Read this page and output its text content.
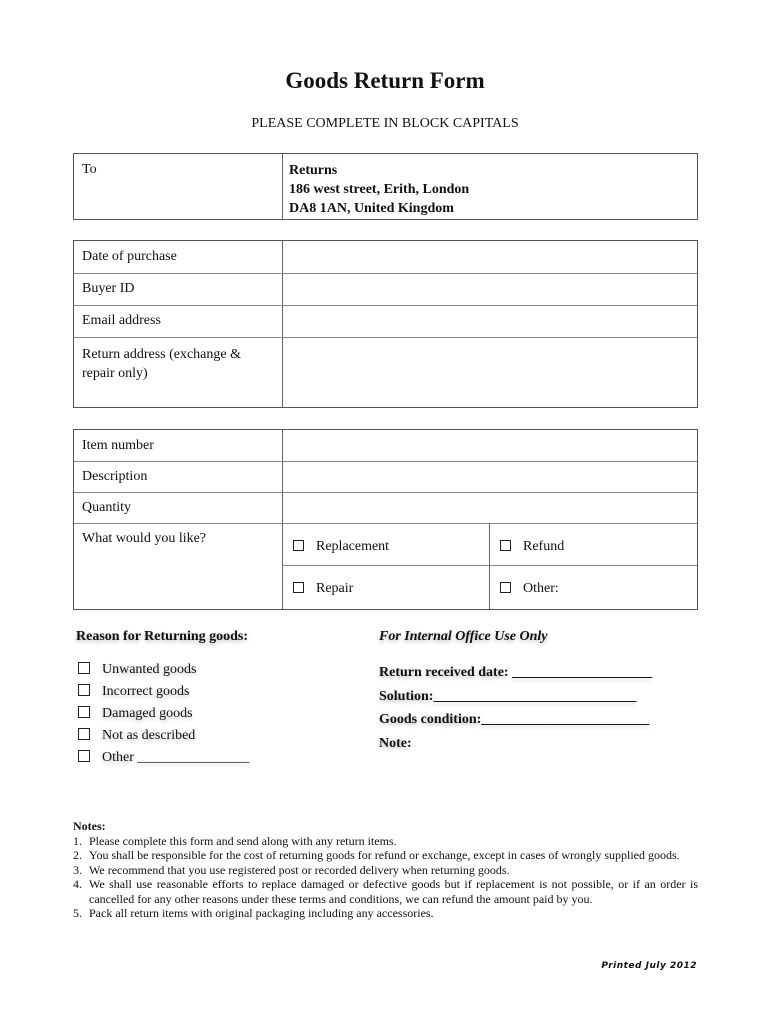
Goods Return Form
PLEASE COMPLETE IN BLOCK CAPITALS
To	Returns
186 west street, Erith, London
DA8 1AN, United Kingdom
Date of purchase
Buyer ID
Email address
Return address (exchange & repair only)
Item number
Description
Quantity
What would you like?
Replacement	Refund
Repair	Other:
Reason for Returning goods:
Unwanted goods
Incorrect goods
Damaged goods
Not as described
Other ________________
For Internal Office Use Only
Return received date: ____________________
Solution:_____________________________
Goods condition:________________________
Note:
Notes:
1. Please complete this form and send along with any return items.
2. You shall be responsible for the cost of returning goods for refund or exchange, except in cases of wrongly supplied goods.
3. We recommend that you use registered post or recorded delivery when returning goods.
4. We shall use reasonable efforts to replace damaged or defective goods but if replacement is not possible, or if an order is cancelled for any other reasons under these terms and conditions, we can refund the amount paid by you.
5. Pack all return items with original packaging including any accessories.
Printed July 2012
